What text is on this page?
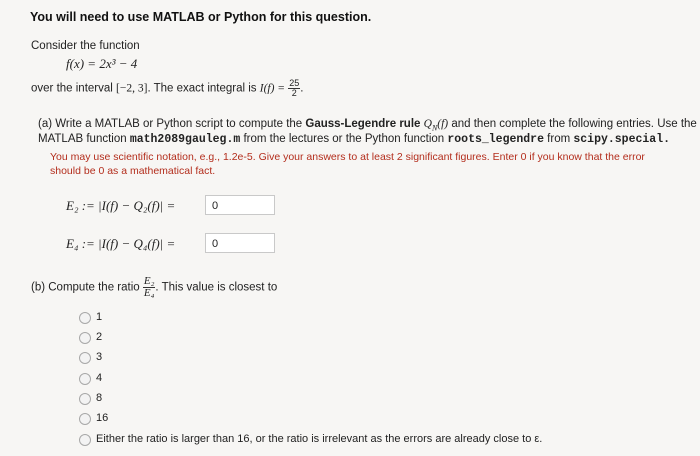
You will need to use MATLAB or Python for this question.
Consider the function
f(x) = 2x³ − 4
over the interval [−2, 3]. The exact integral is $I(f) = \frac{25}{2}$ .
(a) Write a MATLAB or Python script to compute the Gauss-Legendre rule $Q_N(f)$ and then complete the following entries. Use the
MATLAB function math2089gauleg.m from the lectures or the Python function roots_legendre from scipy.special.
You may use scientific notation, e.g., 1.2e-5. Give your answers to at least 2 significant figures. Enter 0 if you know that the error
should be 0 as a mathematical fact.
E₂ := |I(f) − Q₂(f)| =	0
E₄ := |I(f) − Q₄(f)| =	0
(b) Compute the ratio $\frac{\text{E₂}}{\text{E₄}}$ . This value is closest to
1
2
3
4
8
16
Either the ratio is larger than 16, or the ratio is irrelevant as the errors are already close to ε.
